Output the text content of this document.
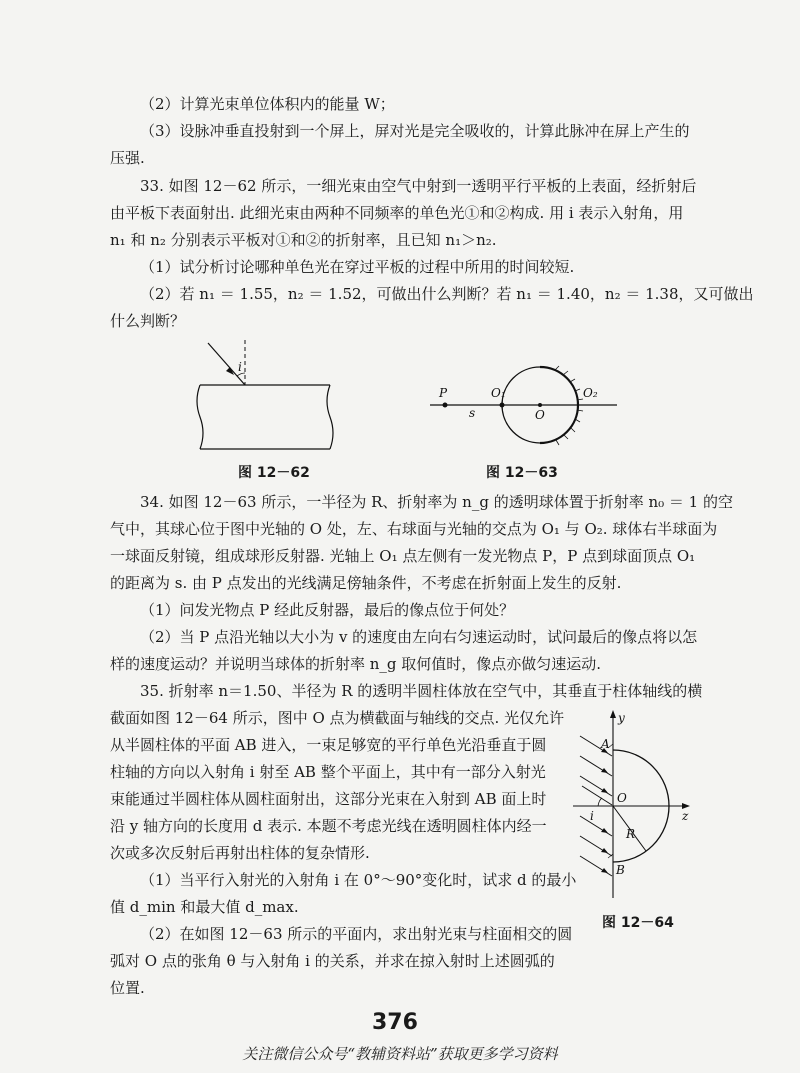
（2）计算光束单位体积内的能量 W；
（3）设脉冲垂直投射到一个屏上，屏对光是完全吸收的，计算此脉冲在屏上产生的
压强.
33. 如图 12－62 所示，一细光束由空气中射到一透明平行平板的上表面，经折射后
由平板下表面射出. 此细光束由两种不同频率的单色光①和②构成. 用 i 表示入射角，用
n₁ 和 n₂ 分别表示平板对①和②的折射率，且已知 n₁＞n₂.
（1）试分析讨论哪种单色光在穿过平板的过程中所用的时间较短.
（2）若 n₁ ＝ 1.55，n₂ ＝ 1.52，可做出什么判断？若 n₁ ＝ 1.40，n₂ ＝ 1.38，又可做出
什么判断？
i
图 12－62
P	O₁
O
O₂
s
图 12－63
34. 如图 12－63 所示，一半径为 R、折射率为 n_g 的透明球体置于折射率 n₀ ＝ 1 的空
气中，其球心位于图中光轴的 O 处，左、右球面与光轴的交点为 O₁ 与 O₂. 球体右半球面为
一球面反射镜，组成球形反射器. 光轴上 O₁ 点左侧有一发光物点 P，P 点到球面顶点 O₁
的距离为 s. 由 P 点发出的光线满足傍轴条件，不考虑在折射面上发生的反射.
（1）问发光物点 P 经此反射器，最后的像点位于何处？
（2）当 P 点沿光轴以大小为 v 的速度由左向右匀速运动时，试问最后的像点将以怎
样的速度运动？并说明当球体的折射率 n_g 取何值时，像点亦做匀速运动.
35. 折射率 n＝1.50、半径为 R 的透明半圆柱体放在空气中，其垂直于柱体轴线的横
截面如图 12－64 所示，图中 O 点为横截面与轴线的交点. 光仅允许
从半圆柱体的平面 AB 进入，一束足够宽的平行单色光沿垂直于圆
柱轴的方向以入射角 i 射至 AB 整个平面上，其中有一部分入射光
束能通过半圆柱体从圆柱面射出，这部分光束在入射到 AB 面上时
沿 y 轴方向的长度用 d 表示. 本题不考虑光线在透明圆柱体内经一
次或多次反射后再射出柱体的复杂情形.
（1）当平行入射光的入射角 i 在 0°～90°变化时，试求 d 的最小
值 d_min 和最大值 d_max.
（2）在如图 12－63 所示的平面内，求出射光束与柱面相交的圆
弧对 O 点的张角 θ 与入射角 i 的关系，并求在掠入射时上述圆弧的
位置.
y
z
A
O
R
B
i
图 12－64
376
关注微信公众号“教辅资料站”获取更多学习资料
